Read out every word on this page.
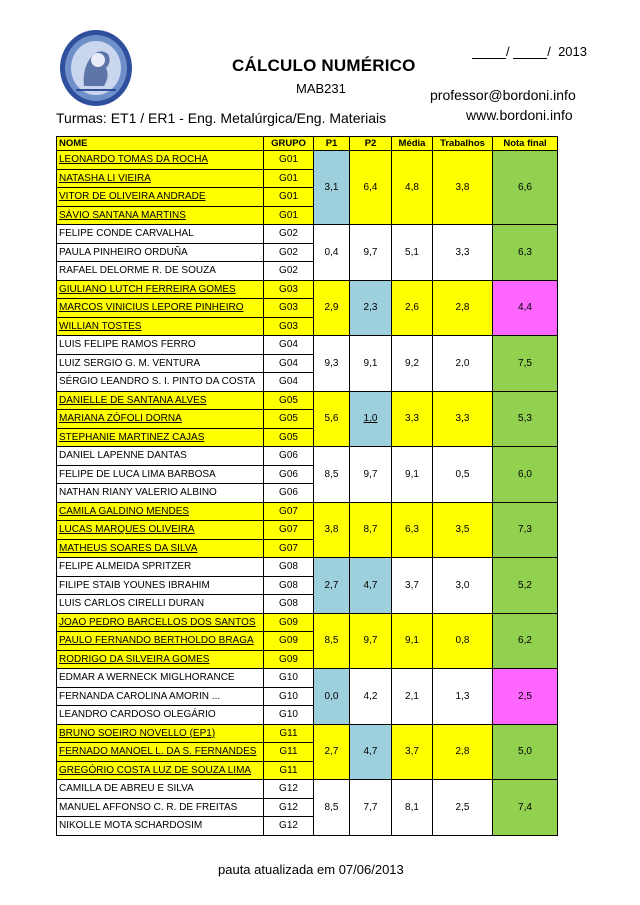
CÁLCULO NUMÉRICO
MAB231
/	/  2013
professor@bordoni.info
www.bordoni.info
Turmas: ET1 / ER1 - Eng. Metalúrgica/Eng. Materiais
NOME	GRUPO	P1	P2	Média	Trabalhos	Nota final
LEONARDO TOMAS DA ROCHA	G01	3,1	6,4	4,8	3,8	6,6
NATASHA LI VIEIRA	G01					
VITOR DE OLIVEIRA ANDRADE	G01					
SÁVIO SANTANA MARTINS	G01					
FELIPE CONDE CARVALHAL	G02	0,4	9,7	5,1	3,3	6,3
PAULA PINHEIRO ORDUÑA	G02					
RAFAEL DELORME R. DE SOUZA	G02					
GIULIANO LUTCH FERREIRA GOMES	G03	2,9	2,3	2,6	2,8	4,4
MARCOS VINICIUS LEPORE PINHEIRO	G03					
WILLIAN TOSTES	G03					
LUIS FELIPE RAMOS FERRO	G04	9,3	9,1	9,2	2,0	7,5
LUIZ SERGIO G. M. VENTURA	G04					
SÉRGIO LEANDRO S. I. PINTO DA COSTA	G04					
DANIELLE DE SANTANA ALVES	G05	5,6	1,0	3,3	3,3	5,3
MARIANA ZÓFOLI DORNA	G05					
STEPHANIE MARTINEZ CAJAS	G05					
DANIEL LAPENNE DANTAS	G06	8,5	9,7	9,1	0,5	6,0
FELIPE DE LUCA LIMA BARBOSA	G06					
NATHAN RIANY VALERIO ALBINO	G06					
CAMILA GALDINO MENDES	G07	3,8	8,7	6,3	3,5	7,3
LUCAS MARQUES OLIVEIRA	G07					
MATHEUS SOARES DA SILVA	G07					
FELIPE ALMEIDA SPRITZER	G08	2,7	4,7	3,7	3,0	5,2
FILIPE STAIB YOUNES IBRAHIM	G08					
LUIS CARLOS CIRELLI DURAN	G08					
JOAO PEDRO BARCELLOS DOS SANTOS	G09	8,5	9,7	9,1	0,8	6,2
PAULO FERNANDO BERTHOLDO BRAGA	G09					
RODRIGO DA SILVEIRA GOMES	G09					
EDMAR A WERNECK MIGLHORANCE	G10	0,0	4,2	2,1	1,3	2,5
FERNANDA CAROLINA AMORIN ...	G10					
LEANDRO CARDOSO OLEGÁRIO	G10					
BRUNO SOEIRO NOVELLO (EP1)	G11	2,7	4,7	3,7	2,8	5,0
FERNADO MANOEL L. DA S. FERNANDES	G11					
GREGÓRIO COSTA LUZ DE SOUZA LIMA	G11					
CAMILLA DE ABREU E SILVA	G12	8,5	7,7	8,1	2,5	7,4
MANUEL AFFONSO C. R. DE FREITAS	G12					
NIKOLLE MOTA SCHARDOSIM	G12					
pauta atualizada em 07/06/2013
